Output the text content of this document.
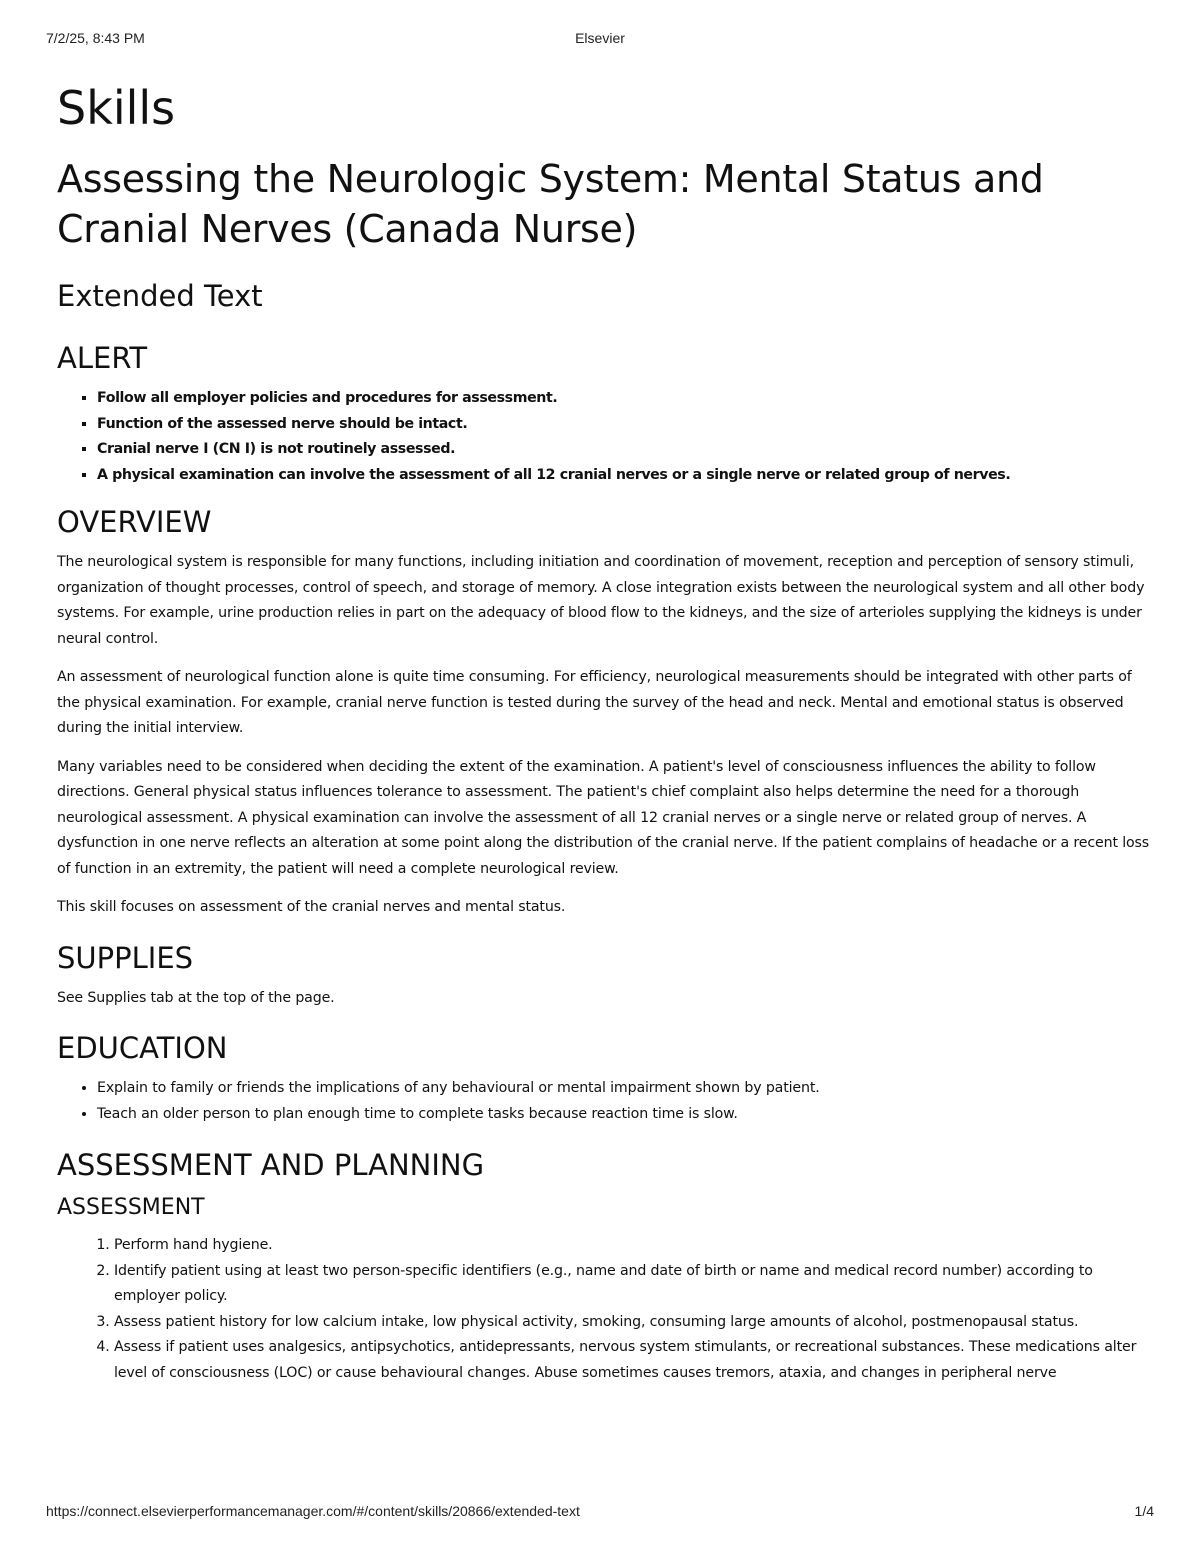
7/2/25, 8:43 PM	Elsevier
Skills
Assessing the Neurologic System: Mental Status and Cranial Nerves (Canada Nurse)
Extended Text
ALERT
▪ Follow all employer policies and procedures for assessment.
▪ Function of the assessed nerve should be intact.
▪ Cranial nerve I (CN I) is not routinely assessed.
▪ A physical examination can involve the assessment of all 12 cranial nerves or a single nerve or related group of nerves.
OVERVIEW

The neurological system is responsible for many functions, including initiation and coordination of movement, reception and perception of sensory stimuli, organization of thought processes, control of speech, and storage of memory. A close integration exists between the neurological system and all other body systems. For example, urine production relies in part on the adequacy of blood flow to the kidneys, and the size of arterioles supplying the kidneys is under neural control.

An assessment of neurological function alone is quite time consuming. For efficiency, neurological measurements should be integrated with other parts of the physical examination. For example, cranial nerve function is tested during the survey of the head and neck. Mental and emotional status is observed during the initial interview.

Many variables need to be considered when deciding the extent of the examination. A patient's level of consciousness influences the ability to follow directions. General physical status influences tolerance to assessment. The patient's chief complaint also helps determine the need for a thorough neurological assessment. A physical examination can involve the assessment of all 12 cranial nerves or a single nerve or related group of nerves. A dysfunction in one nerve reflects an alteration at some point along the distribution of the cranial nerve. If the patient complains of headache or a recent loss of function in an extremity, the patient will need a complete neurological review.

This skill focuses on assessment of the cranial nerves and mental status.

SUPPLIES

See Supplies tab at the top of the page.

EDUCATION
• Explain to family or friends the implications of any behavioural or mental impairment shown by patient.
• Teach an older person to plan enough time to complete tasks because reaction time is slow.
ASSESSMENT AND PLANNING
ASSESSMENT
1. Perform hand hygiene.
2. Identify patient using at least two person-specific identifiers (e.g., name and date of birth or name and medical record number) according to employer policy.
3. Assess patient history for low calcium intake, low physical activity, smoking, consuming large amounts of alcohol, postmenopausal status.
4. Assess if patient uses analgesics, antipsychotics, antidepressants, nervous system stimulants, or recreational substances. These medications alter level of consciousness (LOC) or cause behavioural changes. Abuse sometimes causes tremors, ataxia, and changes in peripheral nerve
https://connect.elsevierperformancemanager.com/#/content/skills/20866/extended-text	1/4
